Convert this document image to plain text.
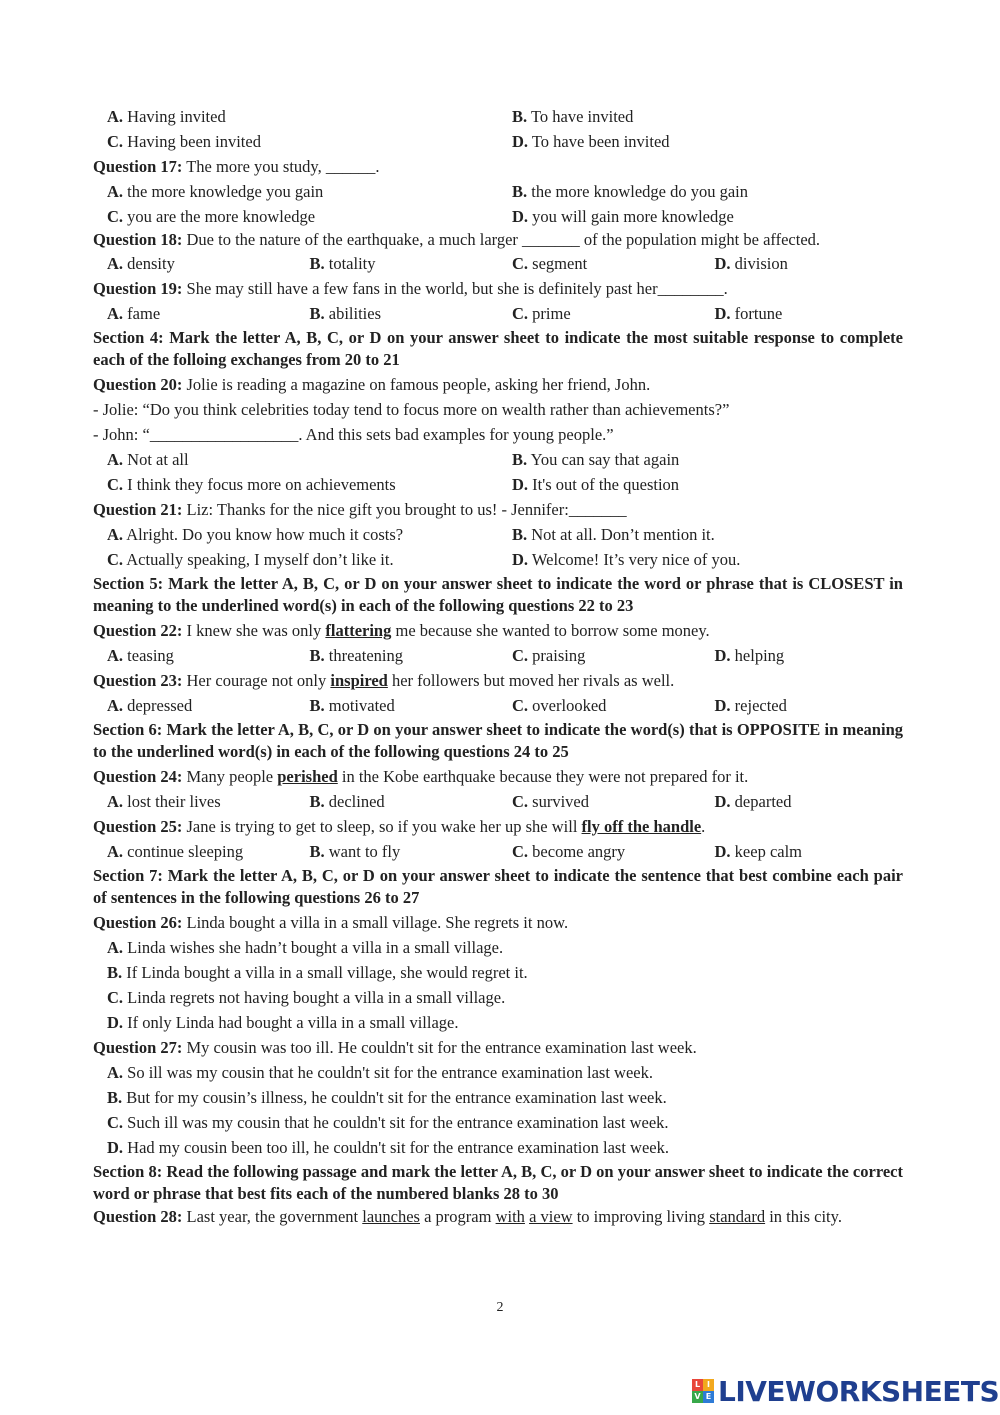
A. Having invited	B. To have invited
C. Having been invited	D. To have been invited
Question 17: The more you study, ______.
A. the more knowledge you gain	B. the more knowledge do you gain
C. you are the more knowledge	D. you will gain more knowledge
Question 18: Due to the nature of the earthquake, a much larger _______ of the population might be affected.
A. density	B. totality	C. segment	D. division
Question 19: She may still have a few fans in the world, but she is definitely past her________.
A. fame	B. abilities	C. prime	D. fortune
Section 4: Mark the letter A, B, C, or D on your answer sheet to indicate the most suitable response to complete each of the folloing exchanges from 20 to 21
Question 20: Jolie is reading a magazine on famous people, asking her friend, John.
- Jolie: “Do you think celebrities today tend to focus more on wealth rather than achievements?”
- John: “__________________. And this sets bad examples for young people.”
A. Not at all	B. You can say that again
C. I think they focus more on achievements	D. It's out of the question
Question 21: Liz: Thanks for the nice gift you brought to us! - Jennifer:_______
A. Alright. Do you know how much it costs?	B. Not at all. Don’t mention it.
C. Actually speaking, I myself don’t like it.	D. Welcome! It’s very nice of you.
Section 5: Mark the letter A, B, C, or D on your answer sheet to indicate the word or phrase that is CLOSEST in meaning to the underlined word(s) in each of the following questions 22 to 23
Question 22: I knew she was only flattering me because she wanted to borrow some money.
A. teasing	B. threatening	C. praising	D. helping
Question 23: Her courage not only inspired her followers but moved her rivals as well.
A. depressed	B. motivated	C. overlooked	D. rejected
Section 6: Mark the letter A, B, C, or D on your answer sheet to indicate the word(s) that is OPPOSITE in meaning to the underlined word(s) in each of the following questions 24 to 25
Question 24: Many people perished in the Kobe earthquake because they were not prepared for it.
A. lost their lives	B. declined	C. survived	D. departed
Question 25: Jane is trying to get to sleep, so if you wake her up she will fly off the handle.
A. continue sleeping	B. want to fly	C. become angry	D. keep calm
Section 7: Mark the letter A, B, C, or D on your answer sheet to indicate the sentence that best combine each pair of sentences in the following questions 26 to 27
Question 26: Linda bought a villa in a small village. She regrets it now.
A. Linda wishes she hadn’t bought a villa in a small village.
B. If Linda bought a villa in a small village, she would regret it.
C. Linda regrets not having bought a villa in a small village.
D. If only Linda had bought a villa in a small village.
Question 27: My cousin was too ill. He couldn't sit for the entrance examination last week.
A. So ill was my cousin that he couldn't sit for the entrance examination last week.
B. But for my cousin’s illness, he couldn't sit for the entrance examination last week.
C. Such ill was my cousin that he couldn't sit for the entrance examination last week.
D. Had my cousin been too ill, he couldn't sit for the entrance examination last week.
Section 8: Read the following passage and mark the letter A, B, C, or D on your answer sheet to indicate the correct word or phrase that best fits each of the numbered blanks 28 to 30
Question 28: Last year, the government launches a program with a view to improving living standard in this city.
2
L I
V E LIVEWORKSHEETS
